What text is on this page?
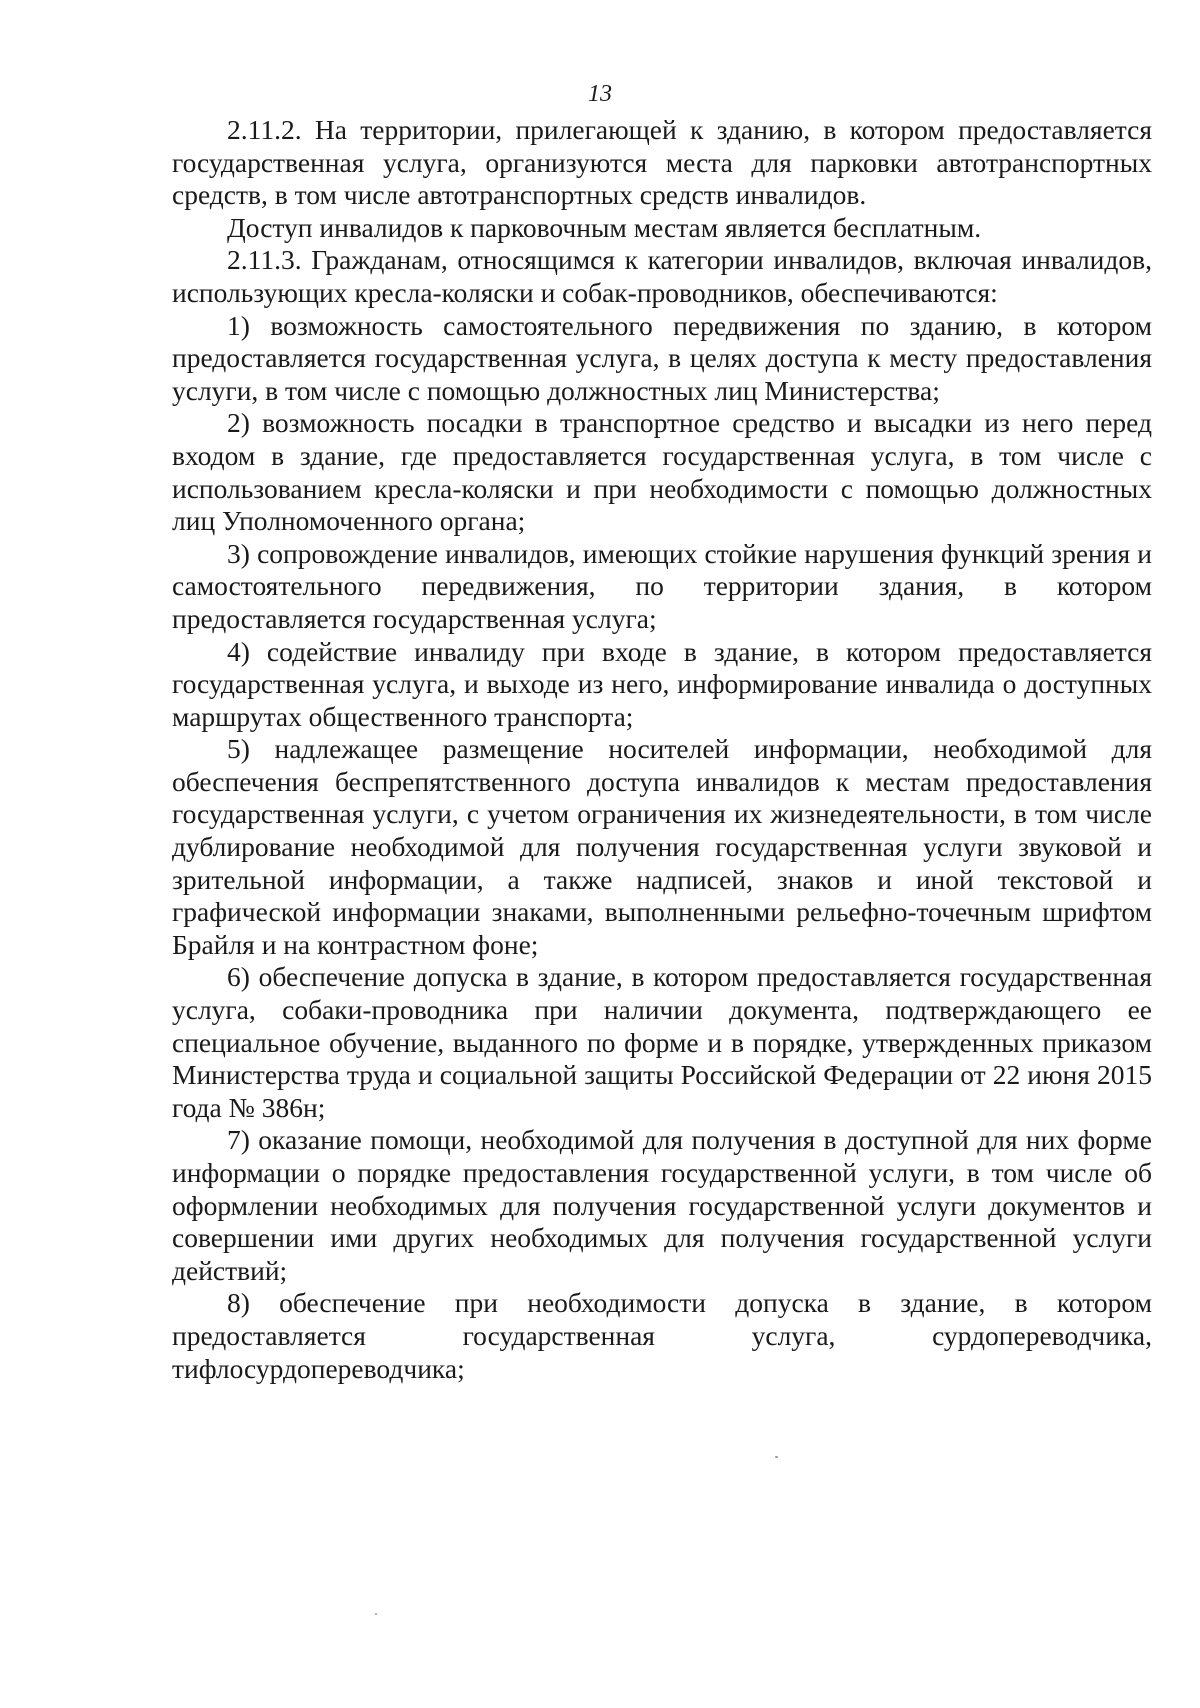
13

2.11.2. На территории, прилегающей к зданию, в котором предоставляется государственная услуга, организуются места для парковки автотранспортных средств, в том числе автотранспортных средств инвалидов.

Доступ инвалидов к парковочным местам является бесплатным.

2.11.3. Гражданам, относящимся к категории инвалидов, включая инвалидов, использующих кресла-коляски и собак-проводников, обеспечиваются:

1) возможность самостоятельного передвижения по зданию, в котором предоставляется государственная услуга, в целях доступа к месту предоставления услуги, в том числе с помощью должностных лиц Министерства;

2) возможность посадки в транспортное средство и высадки из него перед входом в здание, где предоставляется государственная услуга, в том числе с использованием кресла-коляски и при необходимости с помощью должностных лиц Уполномоченного органа;

3) сопровождение инвалидов, имеющих стойкие нарушения функций зрения и самостоятельного передвижения, по территории здания, в котором предоставляется государственная услуга;

4) содействие инвалиду при входе в здание, в котором предоставляется государственная услуга, и выходе из него, информирование инвалида о доступных маршрутах общественного транспорта;

5) надлежащее размещение носителей информации, необходимой для обеспечения беспрепятственного доступа инвалидов к местам предоставления государственная услуги, с учетом ограничения их жизнедеятельности, в том числе дублирование необходимой для получения государственная услуги звуковой и зрительной информации, а также надписей, знаков и иной текстовой и графической информации знаками, выполненными рельефно-точечным шрифтом Брайля и на контрастном фоне;

6) обеспечение допуска в здание, в котором предоставляется государственная услуга, собаки-проводника при наличии документа, подтверждающего ее специальное обучение, выданного по форме и в порядке, утвержденных приказом Министерства труда и социальной защиты Российской Федерации от 22 июня 2015 года № 386н;

7) оказание помощи, необходимой для получения в доступной для них форме информации о порядке предоставления государственной услуги, в том числе об оформлении необходимых для получения государственной услуги документов и совершении ими других необходимых для получения государственной услуги действий;

8) обеспечение при необходимости допуска в здание, в котором предоставляется государственная услуга, сурдопереводчика, тифлосурдопереводчика;
